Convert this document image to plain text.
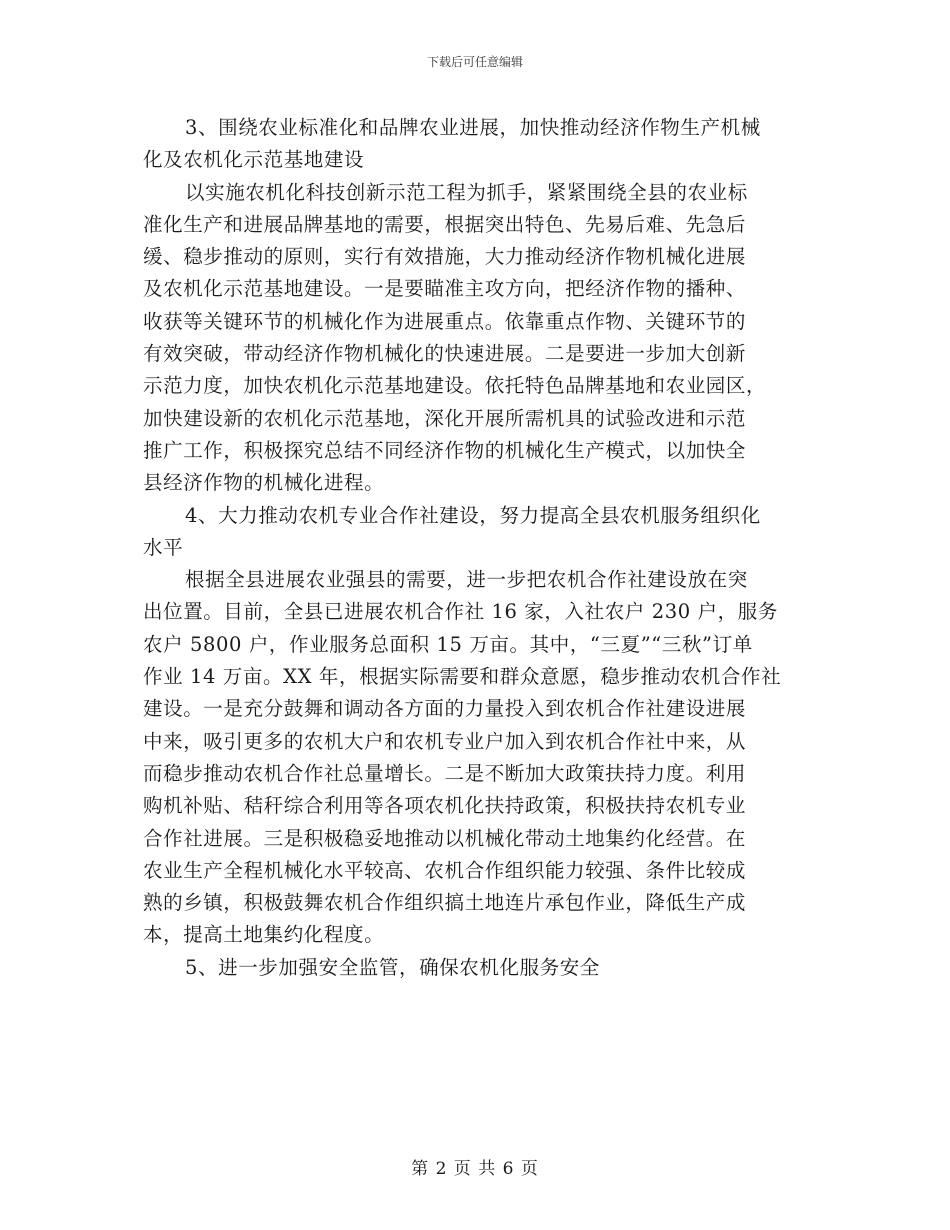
下载后可任意编辑
3、围绕农业标准化和品牌农业进展，加快推动经济作物生产机械
化及农机化示范基地建设
以实施农机化科技创新示范工程为抓手，紧紧围绕全县的农业标
准化生产和进展品牌基地的需要，根据突出特色、先易后难、先急后
缓、稳步推动的原则，实行有效措施，大力推动经济作物机械化进展
及农机化示范基地建设。一是要瞄准主攻方向，把经济作物的播种、
收获等关键环节的机械化作为进展重点。依靠重点作物、关键环节的
有效突破，带动经济作物机械化的快速进展。二是要进一步加大创新
示范力度，加快农机化示范基地建设。依托特色品牌基地和农业园区，
加快建设新的农机化示范基地，深化开展所需机具的试验改进和示范
推广工作，积极探究总结不同经济作物的机械化生产模式，以加快全
县经济作物的机械化进程。
4、大力推动农机专业合作社建设，努力提高全县农机服务组织化
水平
根据全县进展农业强县的需要，进一步把农机合作社建设放在突
出位置。目前，全县已进展农机合作社 16 家，入社农户 230 户，服务
农户 5800 户，作业服务总面积 15 万亩。其中，“三夏”“三秋”订单
作业 14 万亩。XX 年，根据实际需要和群众意愿，稳步推动农机合作社
建设。一是充分鼓舞和调动各方面的力量投入到农机合作社建设进展
中来，吸引更多的农机大户和农机专业户加入到农机合作社中来，从
而稳步推动农机合作社总量增长。二是不断加大政策扶持力度。利用
购机补贴、秸秆综合利用等各项农机化扶持政策，积极扶持农机专业
合作社进展。三是积极稳妥地推动以机械化带动土地集约化经营。在
农业生产全程机械化水平较高、农机合作组织能力较强、条件比较成
熟的乡镇，积极鼓舞农机合作组织搞土地连片承包作业，降低生产成
本，提高土地集约化程度。
5、进一步加强安全监管，确保农机化服务安全
第 2 页 共 6 页
